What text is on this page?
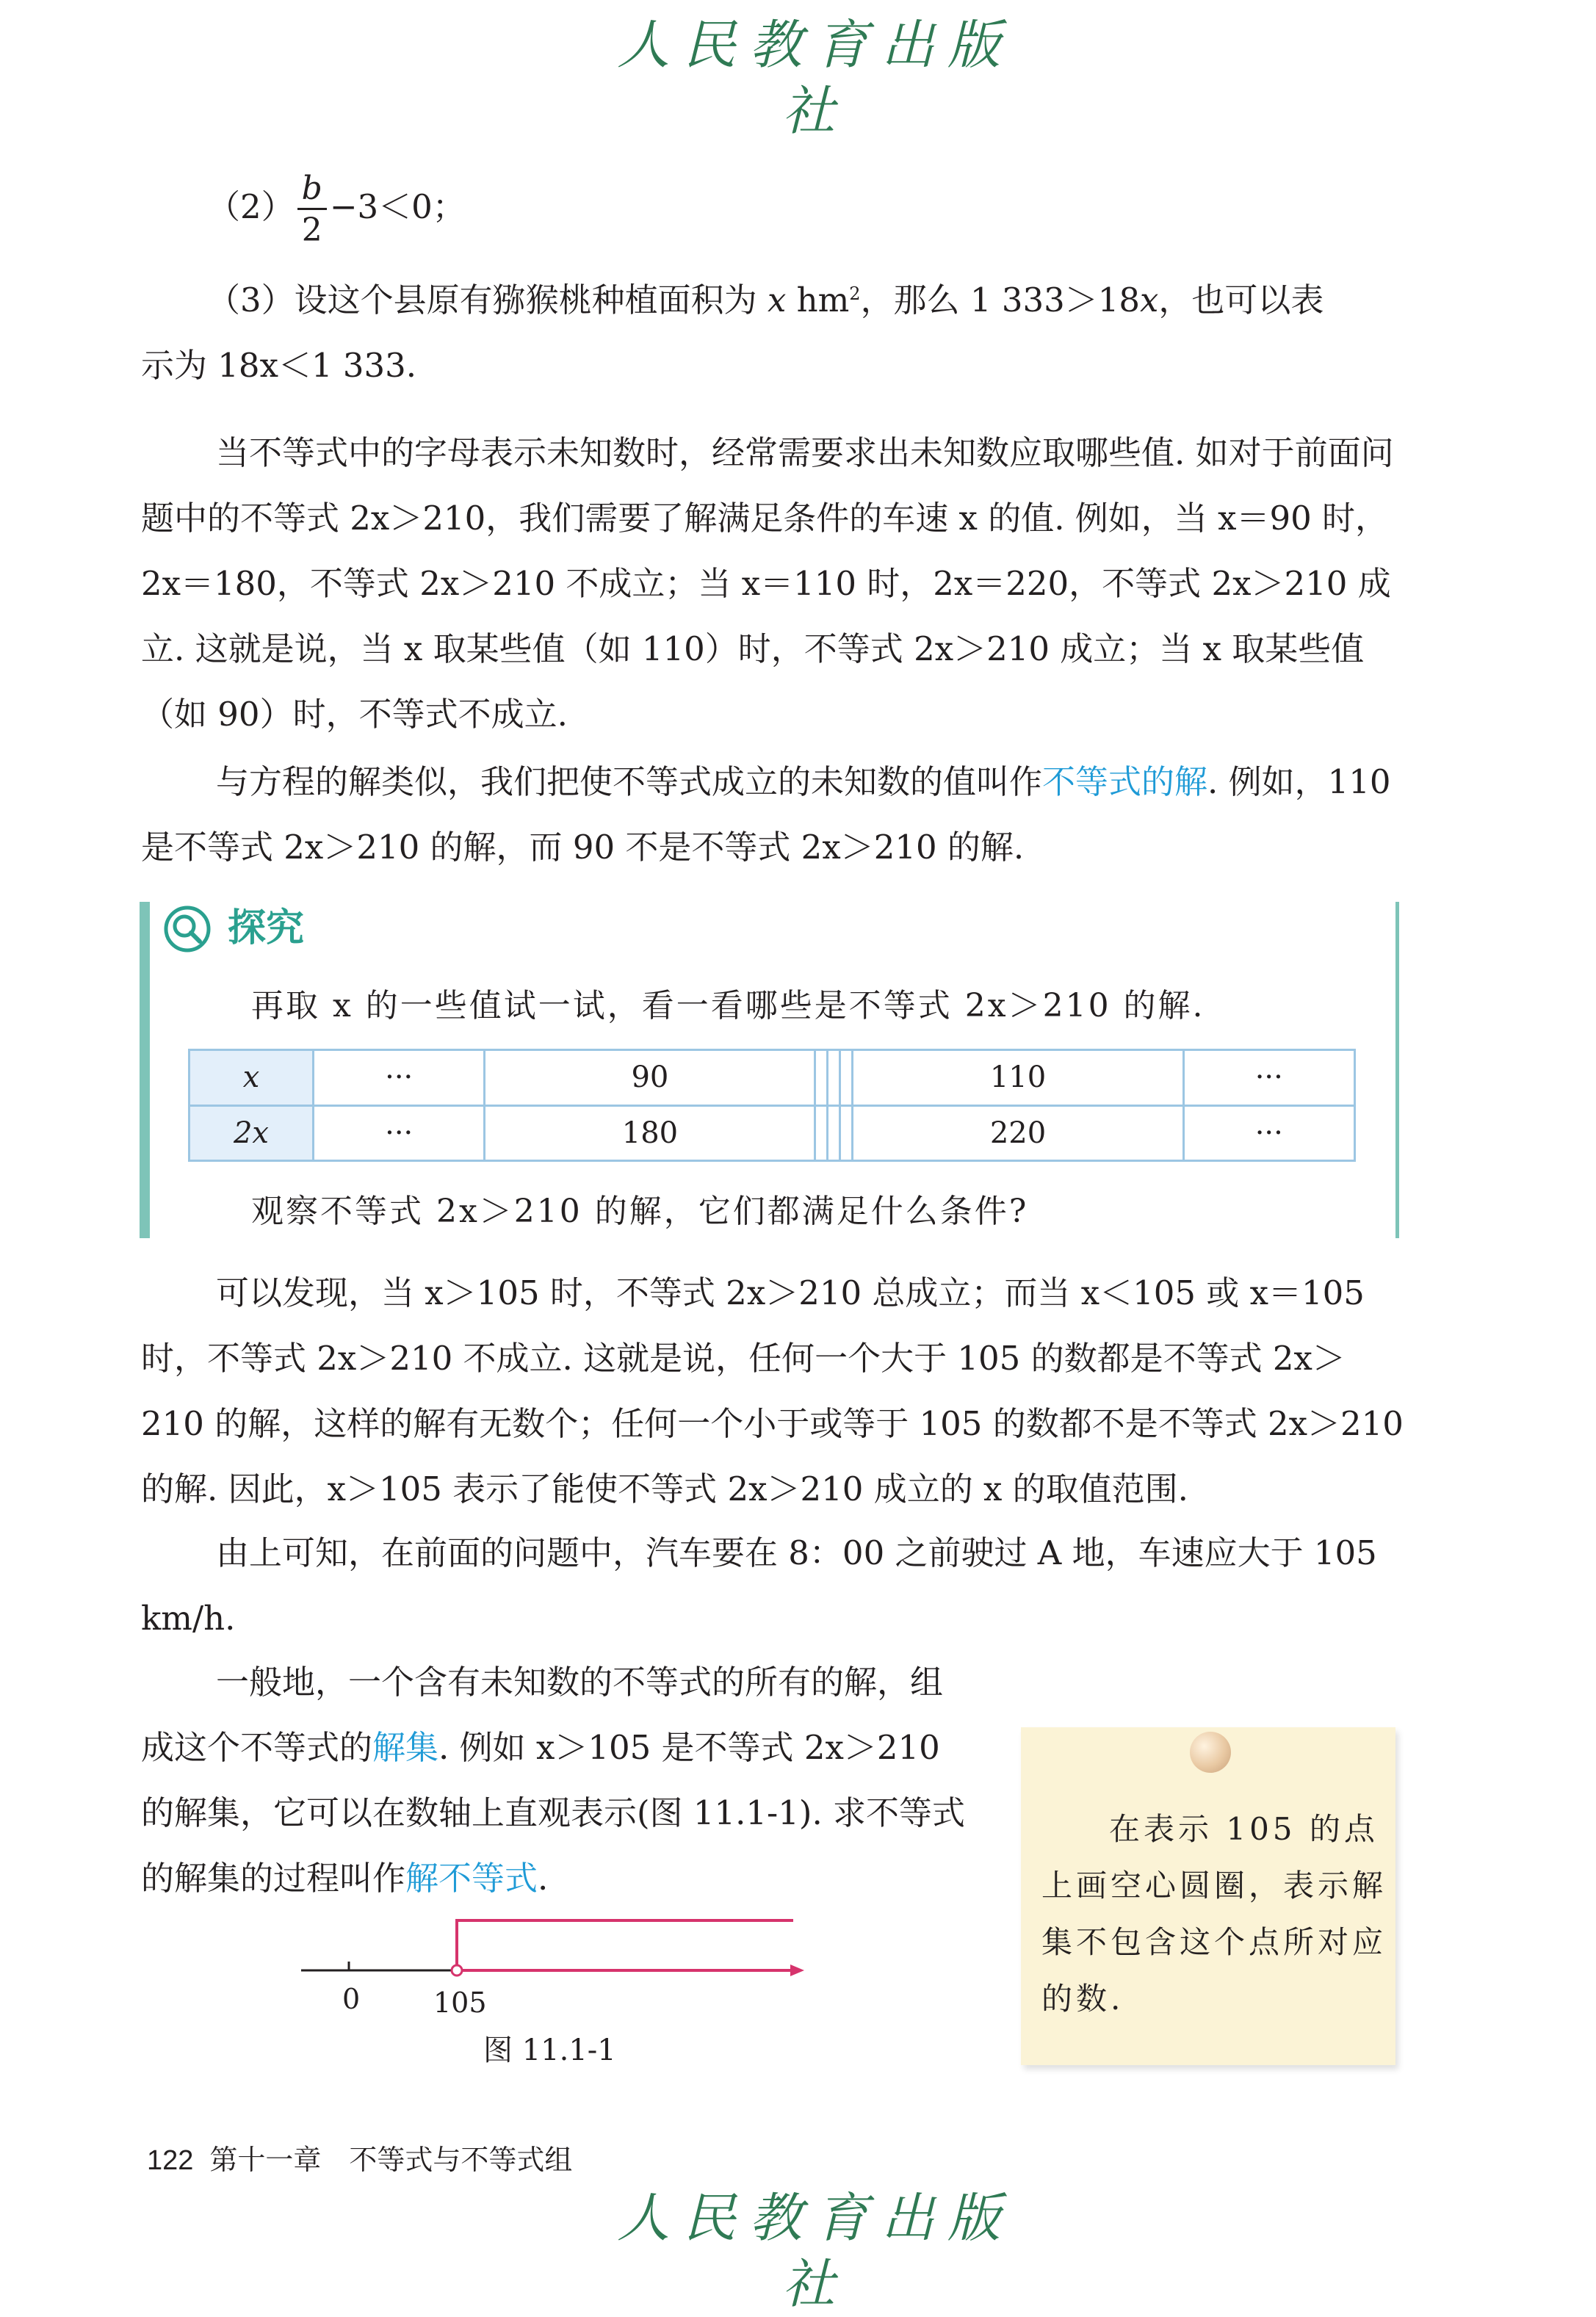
人民教育出版社
$(2) \frac{b}{2} -3<0$；
（3）设这个县原有猕猴桃种植面积为 x $hm^2$，那么 1 333＞18x，也可以表
示为 18x＜1 333.
当不等式中的字母表示未知数时，经常需要求出未知数应取哪些值. 如对于前面问题中的不等式 2x＞210，我们需要了解满足条件的车速 x 的值. 例如，当 x＝90 时，2x＝180，不等式 2x＞210 不成立；当 x＝110 时，2x＝220，不等式 2x＞210 成立. 这就是说，当 x 取某些值（如 110）时，不等式 2x＞210 成立；当 x 取某些值（如 90）时，不等式不成立.
与方程的解类似，我们把使不等式成立的未知数的值叫作不等式的解. 例如，110 是不等式 2x＞210 的解，而 90 不是不等式 2x＞210 的解.
探究
再取 x 的一些值试一试，看一看哪些是不等式 2x＞210 的解.
x	···	90				110	···
2x	···	180				220	···
观察不等式 2x＞210 的解，它们都满足什么条件?
可以发现，当 x＞105 时，不等式 2x＞210 总成立；而当 x＜105 或 x＝105 时，不等式 2x＞210 不成立. 这就是说，任何一个大于 105 的数都是不等式 2x＞210 的解，这样的解有无数个；任何一个小于或等于 105 的数都不是不等式 2x＞210 的解. 因此，x＞105 表示了能使不等式 2x＞210 成立的 x 的取值范围.
由上可知，在前面的问题中，汽车要在 8：00 之前驶过 A 地，车速应大于 105 km/h.
一般地，一个含有未知数的不等式的所有的解，组成这个不等式的解集. 例如 x＞105 是不等式 2x＞210 的解集，它可以在数轴上直观表示(图 11.1-1). 求不等式的解集的过程叫作解不等式.
0	105
图 11.1-1
在表示 105 的点上画空心圆圈，表示解集不包含这个点所对应的数.
122 第十一章　不等式与不等式组
人民教育出版社
